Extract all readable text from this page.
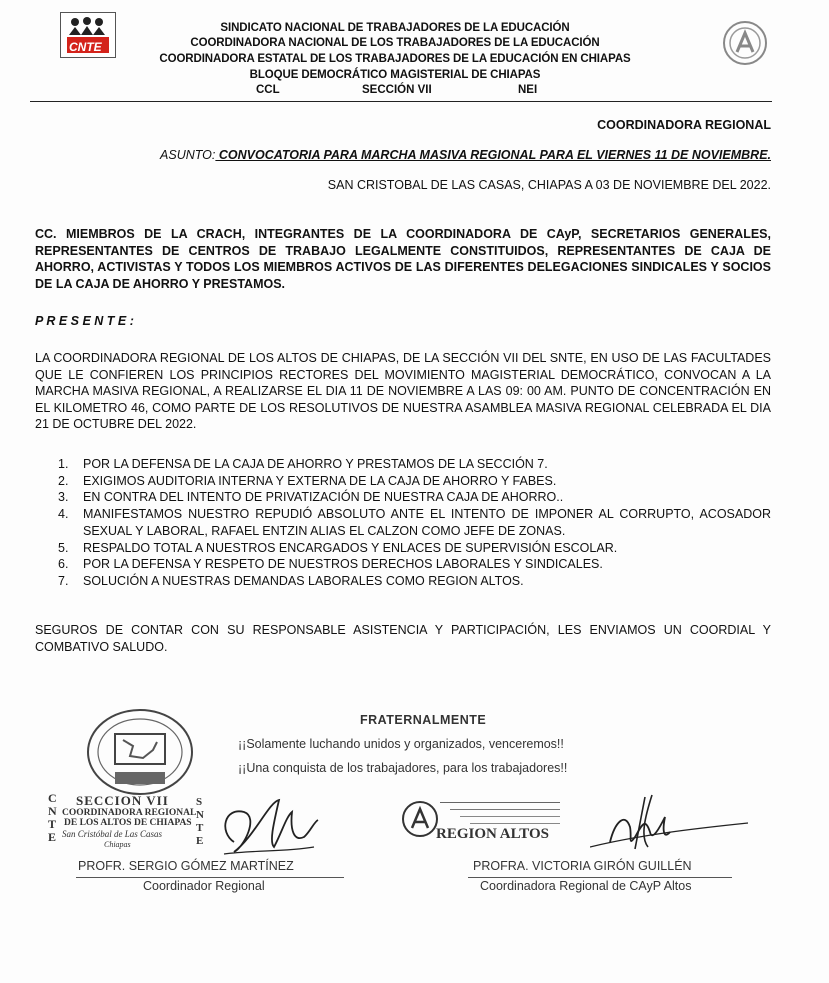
CNTE
SINDICATO NACIONAL DE TRABAJADORES DE LA EDUCACIÓN
COORDINADORA NACIONAL DE LOS TRABAJADORES DE LA EDUCACIÓN
COORDINADORA ESTATAL DE LOS TRABAJADORES DE LA EDUCACIÓN EN CHIAPAS
BLOQUE DEMOCRÁTICO MAGISTERIAL DE CHIAPAS
CCL	SECCIÓN VII	NEI
COORDINADORA REGIONAL
ASUNTO: CONVOCATORIA PARA MARCHA MASIVA REGIONAL PARA EL VIERNES 11 DE NOVIEMBRE.
SAN CRISTOBAL DE LAS CASAS, CHIAPAS A 03 DE NOVIEMBRE DEL 2022.
CC. MIEMBROS DE LA CRACH, INTEGRANTES DE LA COORDINADORA DE CAyP, SECRETARIOS GENERALES, REPRESENTANTES DE CENTROS DE TRABAJO LEGALMENTE CONSTITUIDOS, REPRESENTANTES DE CAJA DE AHORRO, ACTIVISTAS Y TODOS LOS MIEMBROS ACTIVOS DE LAS DIFERENTES DELEGACIONES SINDICALES Y SOCIOS DE LA CAJA DE AHORRO Y PRESTAMOS.
P R E S E N T E :
LA COORDINADORA REGIONAL DE LOS ALTOS DE CHIAPAS, DE LA SECCIÓN VII DEL SNTE, EN USO DE LAS FACULTADES QUE LE CONFIEREN LOS PRINCIPIOS RECTORES DEL MOVIMIENTO MAGISTERIAL DEMOCRÁTICO, CONVOCAN A LA MARCHA MASIVA REGIONAL, A REALIZARSE EL DIA 11 DE NOVIEMBRE A LAS 09: 00 AM. PUNTO DE CONCENTRACIÓN EN EL KILOMETRO 46, COMO PARTE DE LOS RESOLUTIVOS DE NUESTRA ASAMBLEA MASIVA REGIONAL CELEBRADA EL DIA 21 DE OCTUBRE DEL 2022.
1.	POR LA DEFENSA DE LA CAJA DE AHORRO Y PRESTAMOS DE LA SECCIÓN 7.
2.	EXIGIMOS AUDITORIA INTERNA Y EXTERNA DE LA CAJA DE AHORRO Y FABES.
3.	EN CONTRA DEL INTENTO DE PRIVATIZACIÓN DE NUESTRA CAJA DE AHORRO..
4.	MANIFESTAMOS NUESTRO REPUDIÓ ABSOLUTO ANTE EL INTENTO DE IMPONER AL CORRUPTO, ACOSADOR SEXUAL Y LABORAL, RAFAEL ENTZIN ALIAS EL CALZON COMO JEFE DE ZONAS.
5.	RESPALDO TOTAL A NUESTROS ENCARGADOS Y ENLACES DE SUPERVISIÓN ESCOLAR.
6.	POR LA DEFENSA Y RESPETO DE NUESTROS DERECHOS LABORALES Y SINDICALES.
7.	SOLUCIÓN A NUESTRAS DEMANDAS LABORALES COMO REGION ALTOS.
SEGUROS DE CONTAR CON SU RESPONSABLE ASISTENCIA Y PARTICIPACIÓN, LES ENVIAMOS UN COORDIAL Y COMBATIVO SALUDO.
FRATERNALMENTE
¡¡Solamente luchando unidos y organizados, venceremos!!
¡¡Una conquista de los trabajadores, para los trabajadores!!
C N T E
SECCION VII
COORDINADORA REGIONAL
DE LOS ALTOS DE CHIAPAS
San Cristóbal de Las Casas
Chiapas
S N T E	REGION ALTOS
PROFR. SERGIO GÓMEZ MARTÍNEZ
Coordinador Regional
PROFRA. VICTORIA GIRÓN GUILLÉN
Coordinadora Regional de CAyP Altos
